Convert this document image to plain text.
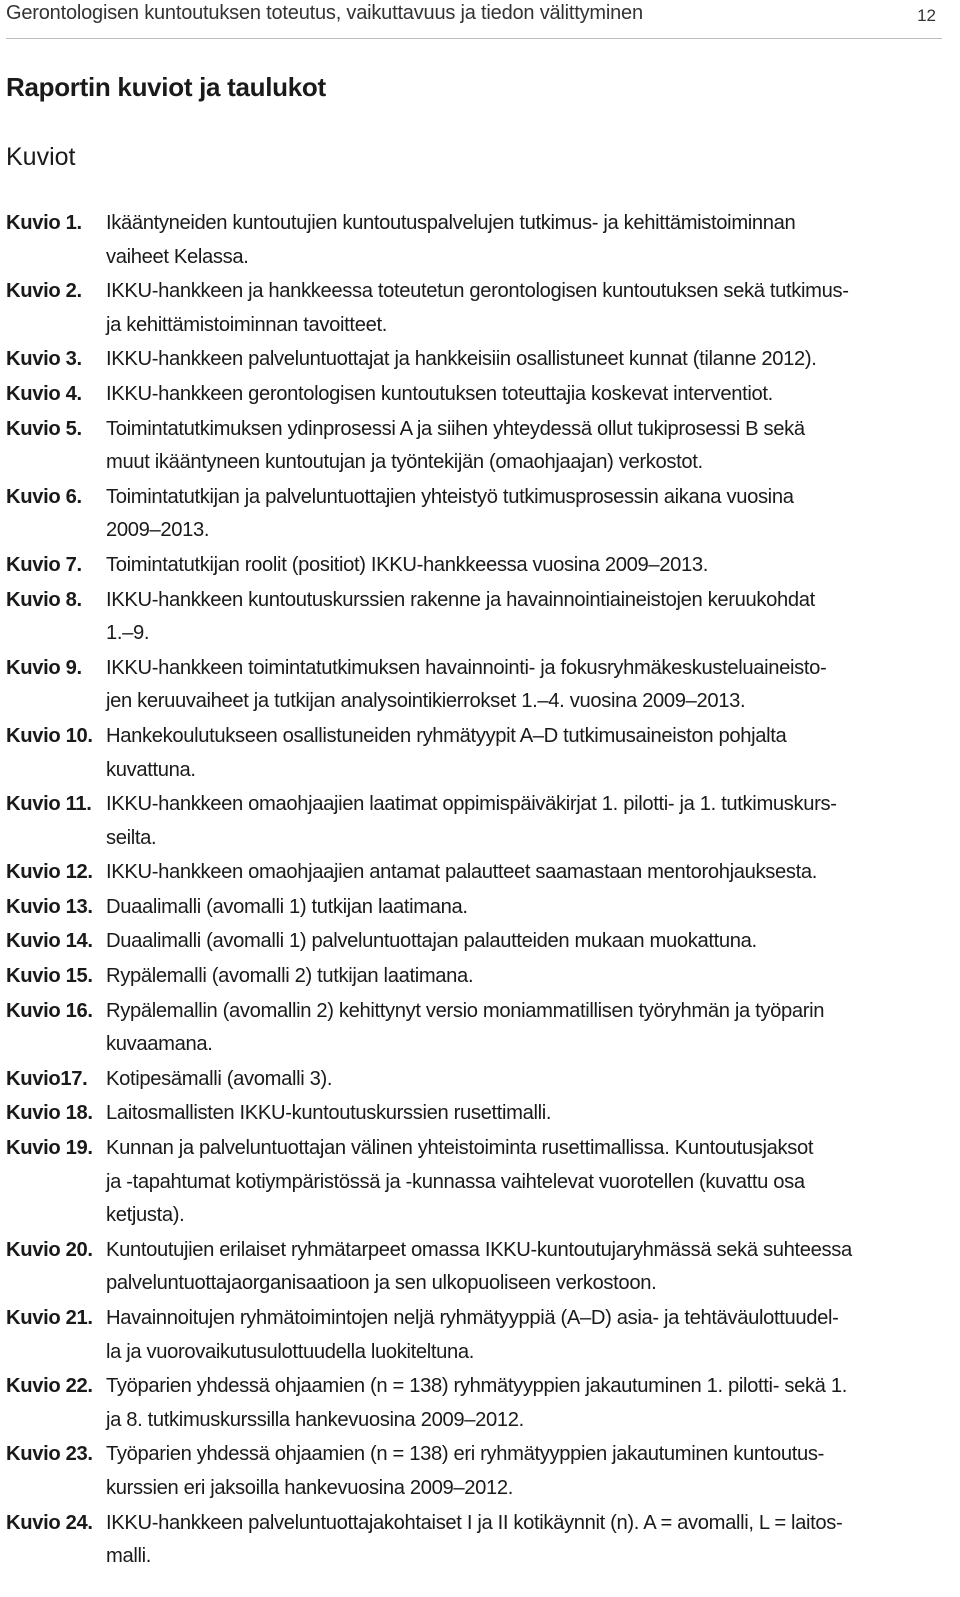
Gerontologisen kuntoutuksen toteutus, vaikuttavuus ja tiedon välittyminen	12
Raportin kuviot ja taulukot
Kuviot
Kuvio 1.	Ikääntyneiden kuntoutujien kuntoutuspalvelujen tutkimus- ja kehittämistoiminnan
vaiheet Kelassa.
Kuvio 2.	IKKU-hankkeen ja hankkeessa toteutetun gerontologisen kuntoutuksen sekä tutkimus-
ja kehittämistoiminnan tavoitteet.
Kuvio 3.	IKKU-hankkeen palveluntuottajat ja hankkeisiin osallistuneet kunnat (tilanne 2012).
Kuvio 4.	IKKU-hankkeen gerontologisen kuntoutuksen toteuttajia koskevat interventiot.
Kuvio 5.	Toimintatutkimuksen ydinprosessi A ja siihen yhteydessä ollut tukiprosessi B sekä
muut ikääntyneen kuntoutujan ja työntekijän (omaohjaajan) verkostot.
Kuvio 6.	Toimintatutkijan ja palveluntuottajien yhteistyö tutkimusprosessin aikana vuosina
2009–2013.
Kuvio 7.	Toimintatutkijan roolit (positiot) IKKU-hankkeessa vuosina 2009–2013.
Kuvio 8.	IKKU-hankkeen kuntoutuskurssien rakenne ja havainnointiaineistojen keruukohdat
1.–9.
Kuvio 9.	IKKU-hankkeen toimintatutkimuksen havainnointi- ja fokusryhmäkeskusteluaineisto-
jen keruuvaiheet ja tutkijan analysointikierrokset 1.–4. vuosina 2009–2013.
Kuvio 10. Hankekoulutukseen osallistuneiden ryhmätyypit A–D tutkimusaineiston pohjalta
kuvattuna.
Kuvio 11. IKKU-hankkeen omaohjaajien laatimat oppimispäiväkirjat 1. pilotti- ja 1. tutkimuskurs-
seilta.
Kuvio 12. IKKU-hankkeen omaohjaajien antamat palautteet saamastaan mentorohjauksesta.
Kuvio 13. Duaalimalli (avomalli 1) tutkijan laatimana.
Kuvio 14. Duaalimalli (avomalli 1) palveluntuottajan palautteiden mukaan muokattuna.
Kuvio 15. Rypälemalli (avomalli 2) tutkijan laatimana.
Kuvio 16. Rypälemallin (avomallin 2) kehittynyt versio moniammatillisen työryhmän ja työparin
kuvaamana.
Kuvio17. Kotipesämalli (avomalli 3).
Kuvio 18. Laitosmallisten IKKU-kuntoutuskurssien rusettimalli.
Kuvio 19. Kunnan ja palveluntuottajan välinen yhteistoiminta rusettimallissa. Kuntoutusjaksot
ja -tapahtumat kotiympäristössä ja -kunnassa vaihtelevat vuorotellen (kuvattu osa
ketjusta).
Kuvio 20. Kuntoutujien erilaiset ryhmätarpeet omassa IKKU-kuntoutujaryhmässä sekä suhteessa
palveluntuottajaorganisaatioon ja sen ulkopuoliseen verkostoon.
Kuvio 21. Havainnoitujen ryhmätoimintojen neljä ryhmätyyppiä (A–D) asia- ja tehtäväulottuudel-
la ja vuorovaikutusulottuudella luokiteltuna.
Kuvio 22. Työparien yhdessä ohjaamien (n = 138) ryhmätyyppien jakautuminen 1. pilotti- sekä 1.
ja 8. tutkimuskurssilla hankevuosina 2009–2012.
Kuvio 23. Työparien yhdessä ohjaamien (n = 138) eri ryhmätyyppien jakautuminen kuntoutus-
kurssien eri jaksoilla hankevuosina 2009–2012.
Kuvio 24. IKKU-hankkeen palveluntuottajakohtaiset I ja II kotikäynnit (n). A = avomalli, L = laitos-
malli.
